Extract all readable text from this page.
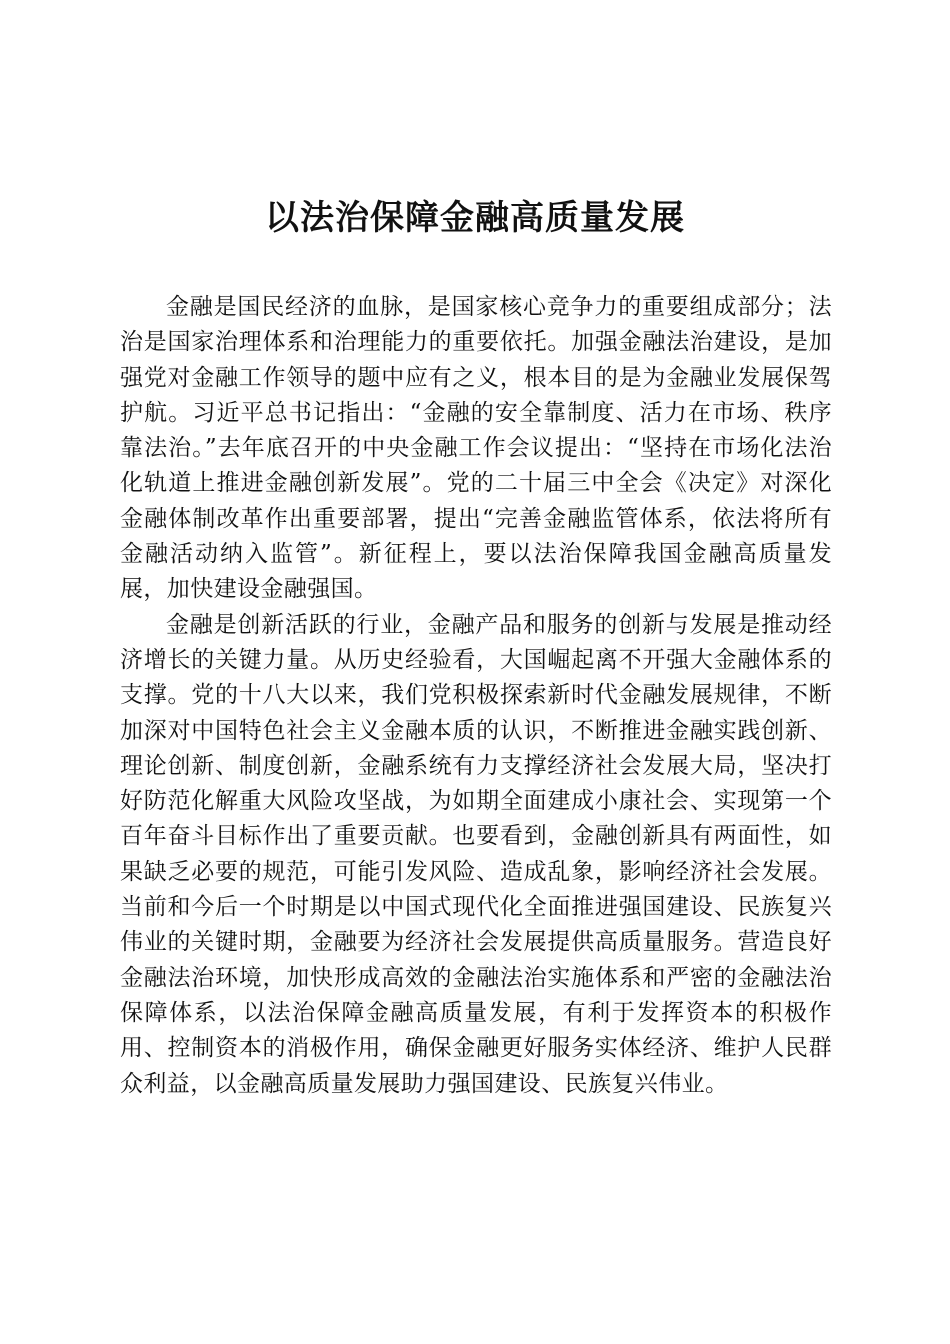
以法治保障金融高质量发展

金融是国民经济的血脉，是国家核心竞争力的重要组成部分；法治是国家治理体系和治理能力的重要依托。加强金融法治建设，是加强党对金融工作领导的题中应有之义，根本目的是为金融业发展保驾护航。习近平总书记指出：“金融的安全靠制度、活力在市场、秩序靠法治。”去年底召开的中央金融工作会议提出：“坚持在市场化法治化轨道上推进金融创新发展”。党的二十届三中全会《决定》对深化金融体制改革作出重要部署，提出“完善金融监管体系，依法将所有金融活动纳入监管”。新征程上，要以法治保障我国金融高质量发展，加快建设金融强国。

金融是创新活跃的行业，金融产品和服务的创新与发展是推动经济增长的关键力量。从历史经验看，大国崛起离不开强大金融体系的支撑。党的十八大以来，我们党积极探索新时代金融发展规律，不断加深对中国特色社会主义金融本质的认识，不断推进金融实践创新、理论创新、制度创新，金融系统有力支撑经济社会发展大局，坚决打好防范化解重大风险攻坚战，为如期全面建成小康社会、实现第一个百年奋斗目标作出了重要贡献。也要看到，金融创新具有两面性，如果缺乏必要的规范，可能引发风险、造成乱象，影响经济社会发展。当前和今后一个时期是以中国式现代化全面推进强国建设、民族复兴伟业的关键时期，金融要为经济社会发展提供高质量服务。营造良好金融法治环境，加快形成高效的金融法治实施体系和严密的金融法治保障体系，以法治保障金融高质量发展，有利于发挥资本的积极作用、控制资本的消极作用，确保金融更好服务实体经济、维护人民群众利益，以金融高质量发展助力强国建设、民族复兴伟业。
